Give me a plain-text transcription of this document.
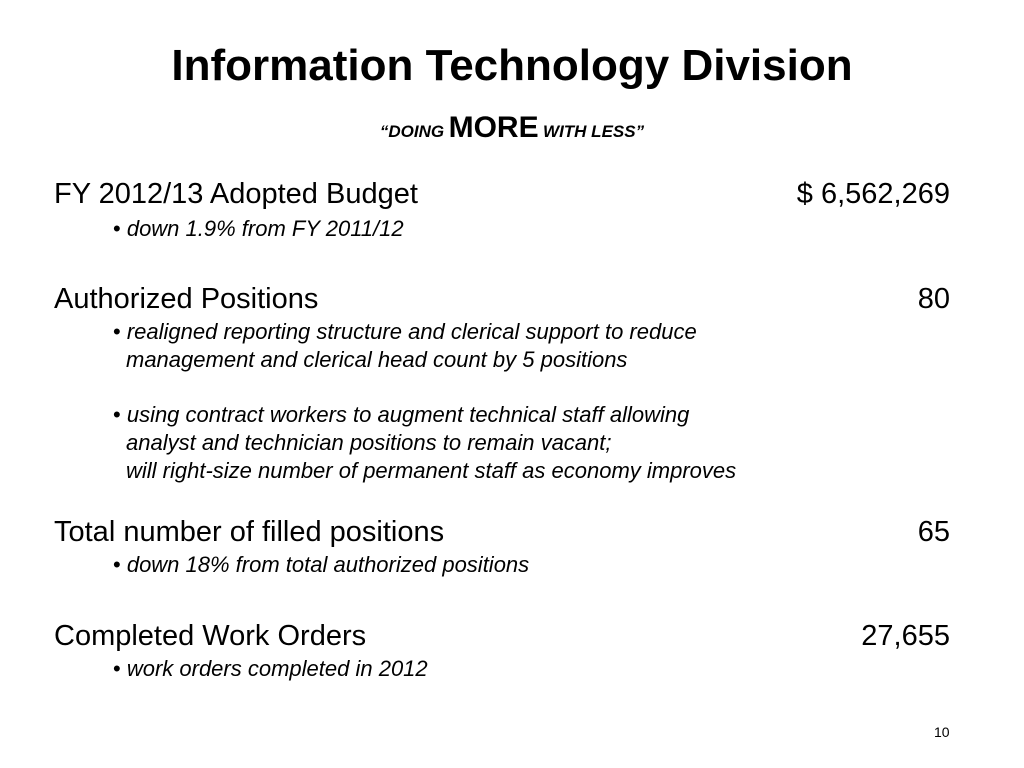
Information Technology Division
“DOING MORE WITH LESS”
FY 2012/13 Adopted Budget	$ 6,562,269
• down 1.9% from FY 2011/12
Authorized Positions	80
• realigned reporting structure and clerical support to reduce
management and clerical head count by 5 positions
• using contract workers to augment technical staff allowing
analyst and technician positions to remain vacant;
will right-size number of permanent staff as economy improves
Total number of filled positions	65
• down 18% from total authorized positions
Completed Work Orders	27,655
• work orders completed in 2012
10
